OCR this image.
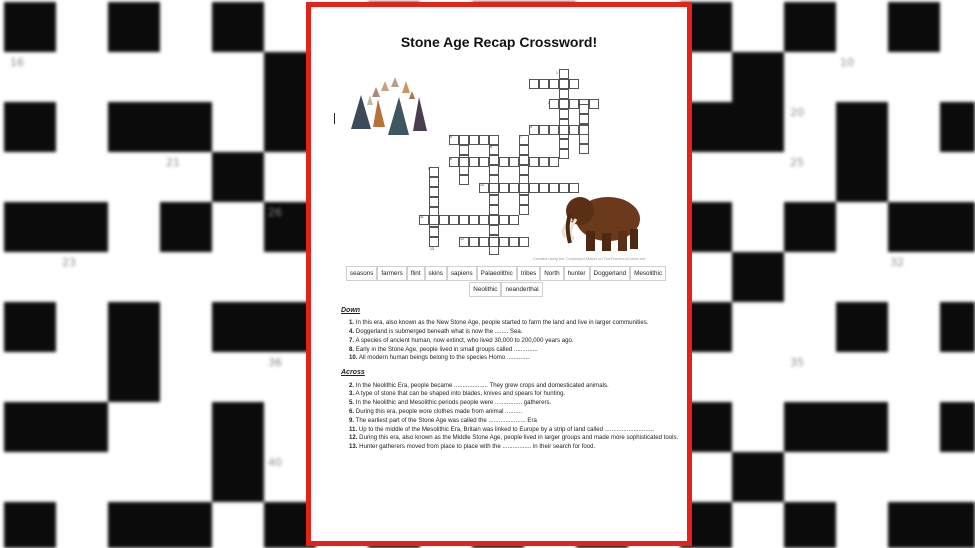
16	10
20
21	25
26
23	32
36	35
40
Stone Age Recap Crossword!
1
2
3
4
5
6
7
8
9
10
11
12
13
Created using the Crossword Maker on TheTeachersCorner.net
seasons farmers flint skins sapiens Palaeolithic tribes North hunter Doggerland MesolithicNeolithic neanderthal
Down
1. In this era, also known as the New Stone Age, people started to farm the land and live in larger communities.
4. Doggerland is submerged beneath what is now the ........ Sea.
7. A species of ancient human, now extinct, who lived 30,000 to 200,000 years ago.
8. Early in the Stone Age, people lived in small groups called ..............
10. All modern human beings belong to the species Homo ..............
Across
2. In the Neolithic Era, people became .................... They grew crops and domesticated animals.
3. A type of stone that can be shaped into blades, knives and spears for hunting.
5. In the Neolithic and Mesolithic periods people were ................ gatherers.
6. During this era, people wore clothes made from animal ..........
9. The earliest part of the Stone Age was called the ...................... Era
11. Up to the middle of the Mesolithic Era, Britain was linked to Europe by a strip of land called .............................
12. During this era, also known as the Middle Stone Age, people lived in larger groups and made more sophisticated tools.
13. Hunter gatherers moved from place to place with the ................. in their search for food.
